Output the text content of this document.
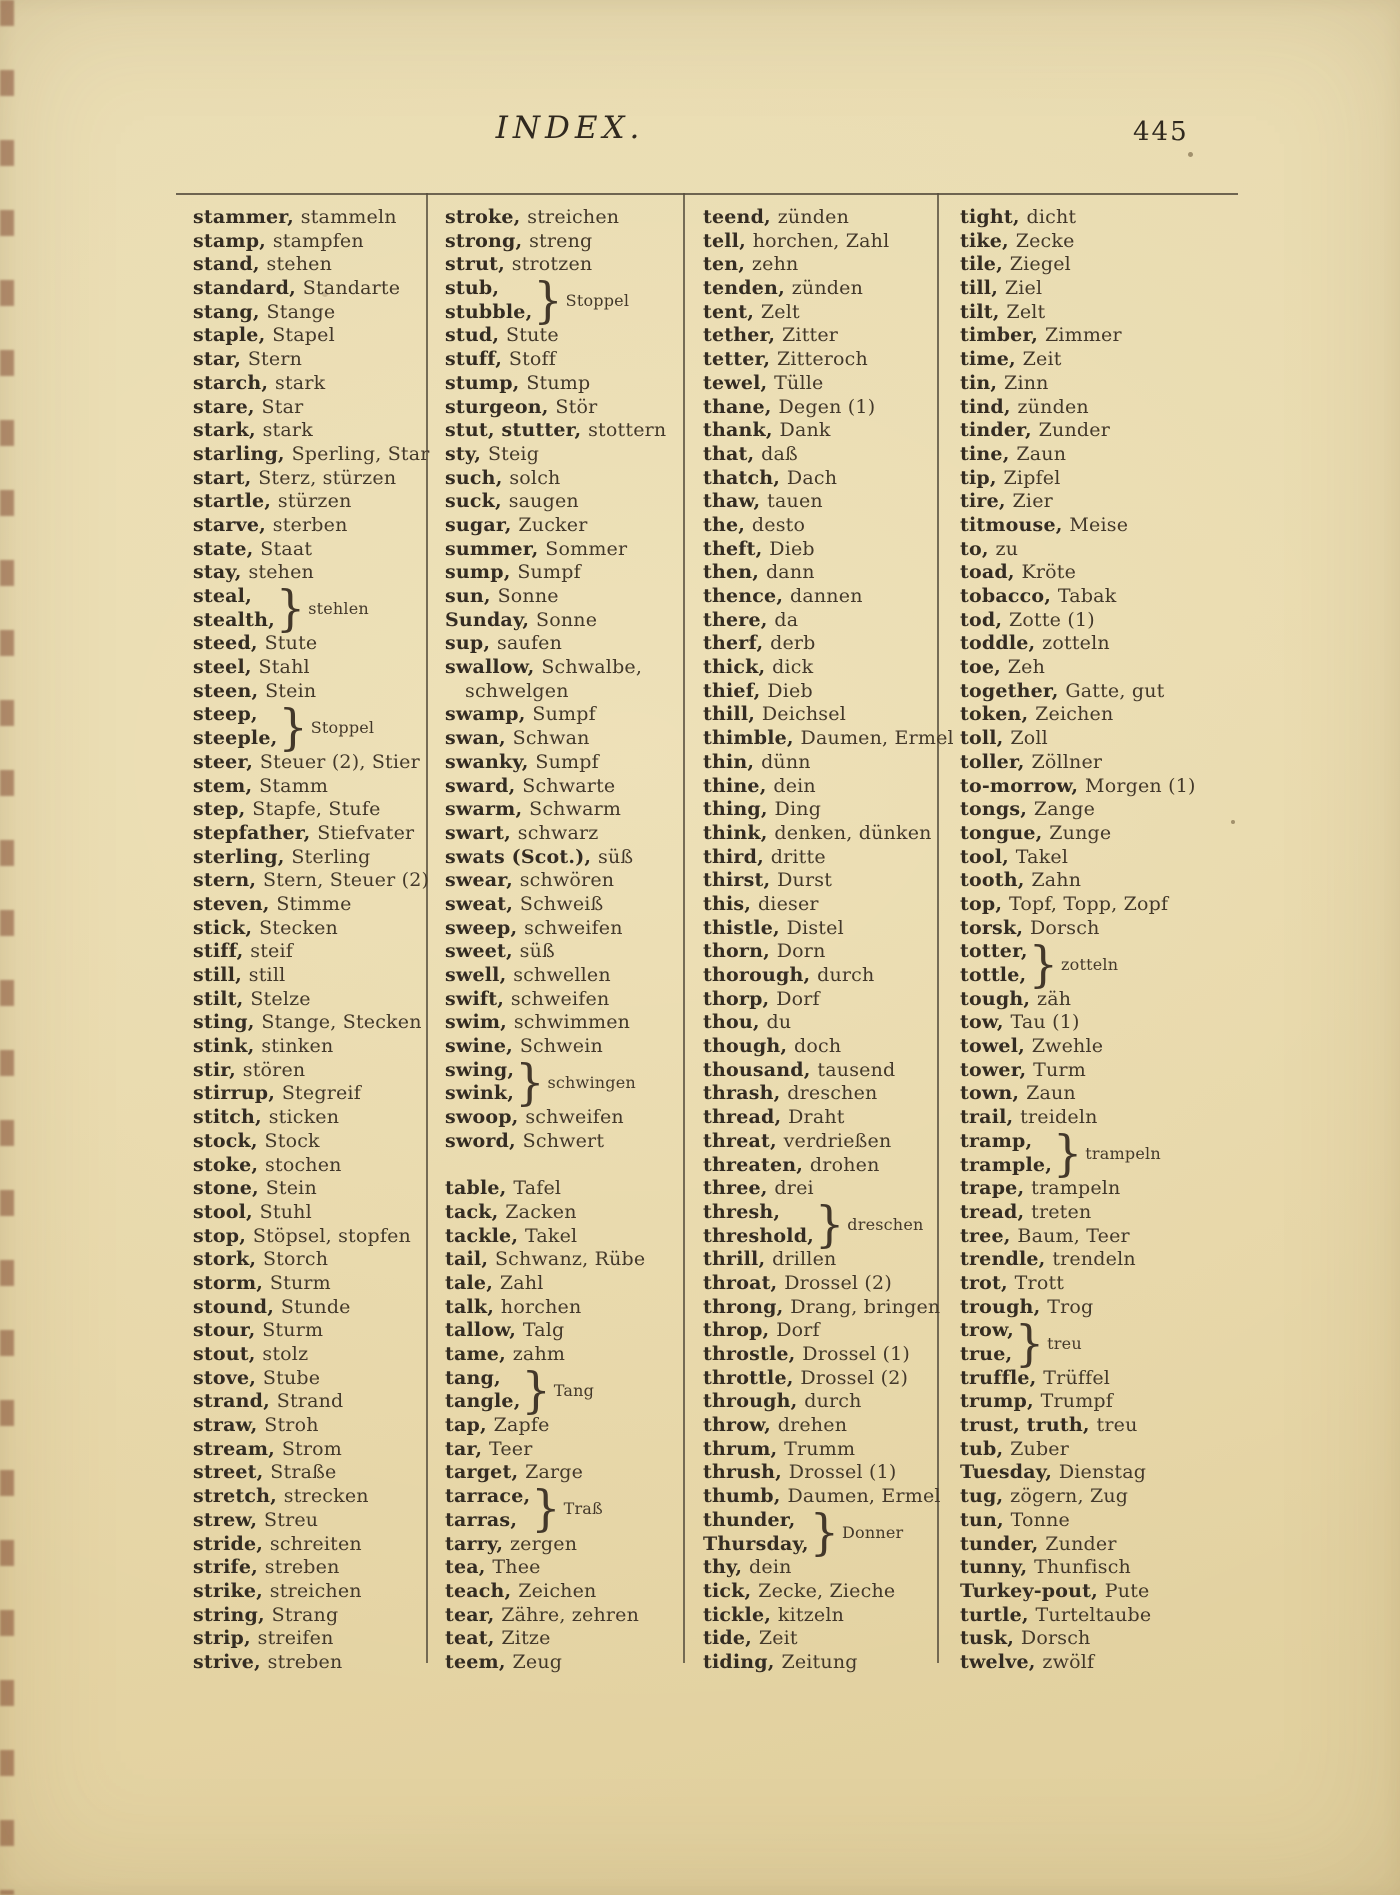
INDEX.	445
stammer, stammeln
stamp, stampfen
stand, stehen
standard, Standarte
stang, Stange
staple, Stapel
star, Stern
starch, stark
stare, Star
stark, stark
starling, Sperling, Star
start, Sterz, stürzen
startle, stürzen
starve, sterben
state, Staat
stay, stehen
steal,
stealth, } stehlen
steed, Stute
steel, Stahl
steen, Stein
steep,
steeple, } Stoppel
steer, Steuer (2), Stier
stem, Stamm
step, Stapfe, Stufe
stepfather, Stiefvater
sterling, Sterling
stern, Stern, Steuer (2)
steven, Stimme
stick, Stecken
stiff, steif
still, still
stilt, Stelze
sting, Stange, Stecken
stink, stinken
stir, stören
stirrup, Stegreif
stitch, sticken
stock, Stock
stoke, stochen
stone, Stein
stool, Stuhl
stop, Stöpsel, stopfen
stork, Storch
storm, Sturm
stound, Stunde
stour, Sturm
stout, stolz
stove, Stube
strand, Strand
straw, Stroh
stream, Strom
street, Straße
stretch, strecken
strew, Streu
stride, schreiten
strife, streben
strike, streichen
string, Strang
strip, streifen
strive, streben
stroke, streichen
strong, streng
strut, strotzen
stub,
stubble, } Stoppel
stud, Stute
stuff, Stoff
stump, Stump
sturgeon, Stör
stut, stutter, stottern
sty, Steig
such, solch
suck, saugen
sugar, Zucker
summer, Sommer
sump, Sumpf
sun, Sonne
Sunday, Sonne
sup, saufen
swallow, Schwalbe,
schwelgen
swamp, Sumpf
swan, Schwan
swanky, Sumpf
sward, Schwarte
swarm, Schwarm
swart, schwarz
swats (Scot.), süß
swear, schwören
sweat, Schweiß
sweep, schweifen
sweet, süß
swell, schwellen
swift, schweifen
swim, schwimmen
swine, Schwein
swing,
swink, } schwingen
swoop, schweifen
sword, Schwert
table, Tafel
tack, Zacken
tackle, Takel
tail, Schwanz, Rübe
tale, Zahl
talk, horchen
tallow, Talg
tame, zahm
tang,
tangle, } Tang
tap, Zapfe
tar, Teer
target, Zarge
tarrace,
tarras, } Traß
tarry, zergen
tea, Thee
teach, Zeichen
tear, Zähre, zehren
teat, Zitze
teem, Zeug
teend, zünden
tell, horchen, Zahl
ten, zehn
tenden, zünden
tent, Zelt
tether, Zitter
tetter, Zitteroch
tewel, Tülle
thane, Degen (1)
thank, Dank
that, daß
thatch, Dach
thaw, tauen
the, desto
theft, Dieb
then, dann
thence, dannen
there, da
therf, derb
thick, dick
thief, Dieb
thill, Deichsel
thimble, Daumen, Ermel
thin, dünn
thine, dein
thing, Ding
think, denken, dünken
third, dritte
thirst, Durst
this, dieser
thistle, Distel
thorn, Dorn
thorough, durch
thorp, Dorf
thou, du
though, doch
thousand, tausend
thrash, dreschen
thread, Draht
threat, verdrießen
threaten, drohen
three, drei
thresh,
threshold, } dreschen
thrill, drillen
throat, Drossel (2)
throng, Drang, bringen
throp, Dorf
throstle, Drossel (1)
throttle, Drossel (2)
through, durch
throw, drehen
thrum, Trumm
thrush, Drossel (1)
thumb, Daumen, Ermel
thunder,
Thursday, } Donner
thy, dein
tick, Zecke, Zieche
tickle, kitzeln
tide, Zeit
tiding, Zeitung
tight, dicht
tike, Zecke
tile, Ziegel
till, Ziel
tilt, Zelt
timber, Zimmer
time, Zeit
tin, Zinn
tind, zünden
tinder, Zunder
tine, Zaun
tip, Zipfel
tire, Zier
titmouse, Meise
to, zu
toad, Kröte
tobacco, Tabak
tod, Zotte (1)
toddle, zotteln
toe, Zeh
together, Gatte, gut
token, Zeichen
toll, Zoll
toller, Zöllner
to-morrow, Morgen (1)
tongs, Zange
tongue, Zunge
tool, Takel
tooth, Zahn
top, Topf, Topp, Zopf
torsk, Dorsch
totter,
tottle, } zotteln
tough, zäh
tow, Tau (1)
towel, Zwehle
tower, Turm
town, Zaun
trail, treideln
tramp,
trample, } trampeln
trape, trampeln
tread, treten
tree, Baum, Teer
trendle, trendeln
trot, Trott
trough, Trog
trow,
true, } treu
truffle, Trüffel
trump, Trumpf
trust, truth, treu
tub, Zuber
Tuesday, Dienstag
tug, zögern, Zug
tun, Tonne
tunder, Zunder
tunny, Thunfisch
Turkey-pout, Pute
turtle, Turteltaube
tusk, Dorsch
twelve, zwölf
